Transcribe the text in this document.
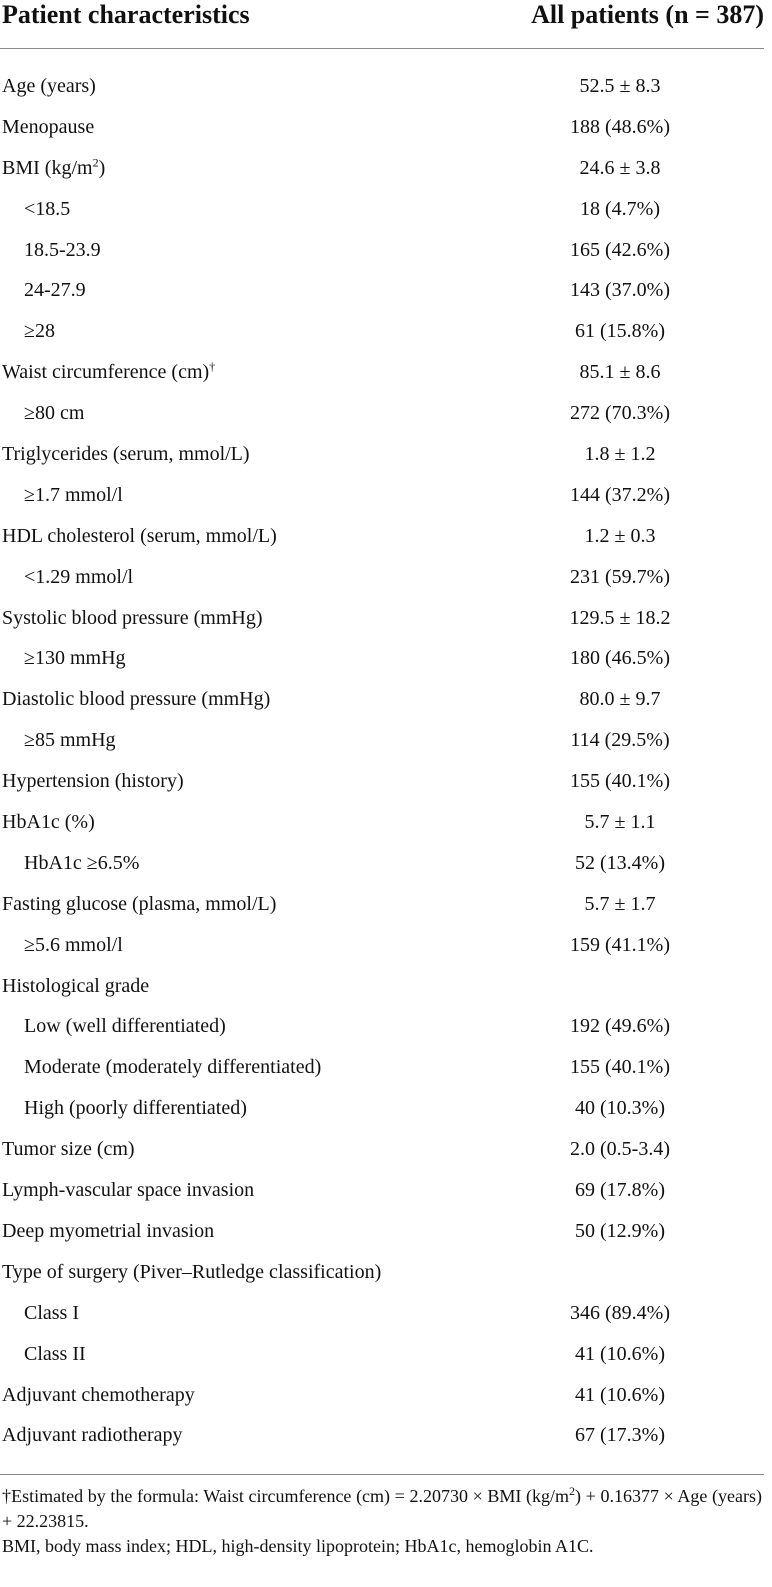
Patient characteristics	All patients (n = 387)
Age (years)	52.5 ± 8.3
Menopause	188 (48.6%)
BMI $(kg/m^2)$	24.6 ± 3.8
<18.5	18 (4.7%)
18.5-23.9	165 (42.6%)
24-27.9	143 (37.0%)
≥28	61 (15.8%)
Waist circumference (cm)†	85.1 ± 8.6
≥80 cm	272 (70.3%)
Triglycerides (serum, mmol/L)	1.8 ± 1.2
≥1.7 mmol/l	144 (37.2%)
HDL cholesterol (serum, mmol/L)	1.2 ± 0.3
<1.29 mmol/l	231 (59.7%)
Systolic blood pressure (mmHg)	129.5 ± 18.2
≥130 mmHg	180 (46.5%)
Diastolic blood pressure (mmHg)	80.0 ± 9.7
≥85 mmHg	114 (29.5%)
Hypertension (history)	155 (40.1%)
HbA1c (%)	5.7 ± 1.1
HbA1c ≥6.5%	52 (13.4%)
Fasting glucose (plasma, mmol/L)	5.7 ± 1.7
≥5.6 mmol/l	159 (41.1%)
Histological grade
Low (well differentiated)	192 (49.6%)
Moderate (moderately differentiated)	155 (40.1%)
High (poorly differentiated)	40 (10.3%)
Tumor size (cm)	2.0 (0.5-3.4)
Lymph-vascular space invasion	69 (17.8%)
Deep myometrial invasion	50 (12.9%)
Type of surgery (Piver–Rutledge classification)
Class I	346 (89.4%)
Class II	41 (10.6%)
Adjuvant chemotherapy	41 (10.6%)
Adjuvant radiotherapy	67 (17.3%)
†Estimated by the formula: Waist circumference (cm) = 2.20730 × BMI $(kg/m^2) + 0.16377$ × Age (years) + 22.23815.
BMI, body mass index; HDL, high-density lipoprotein; HbA1c, hemoglobin A1C.
